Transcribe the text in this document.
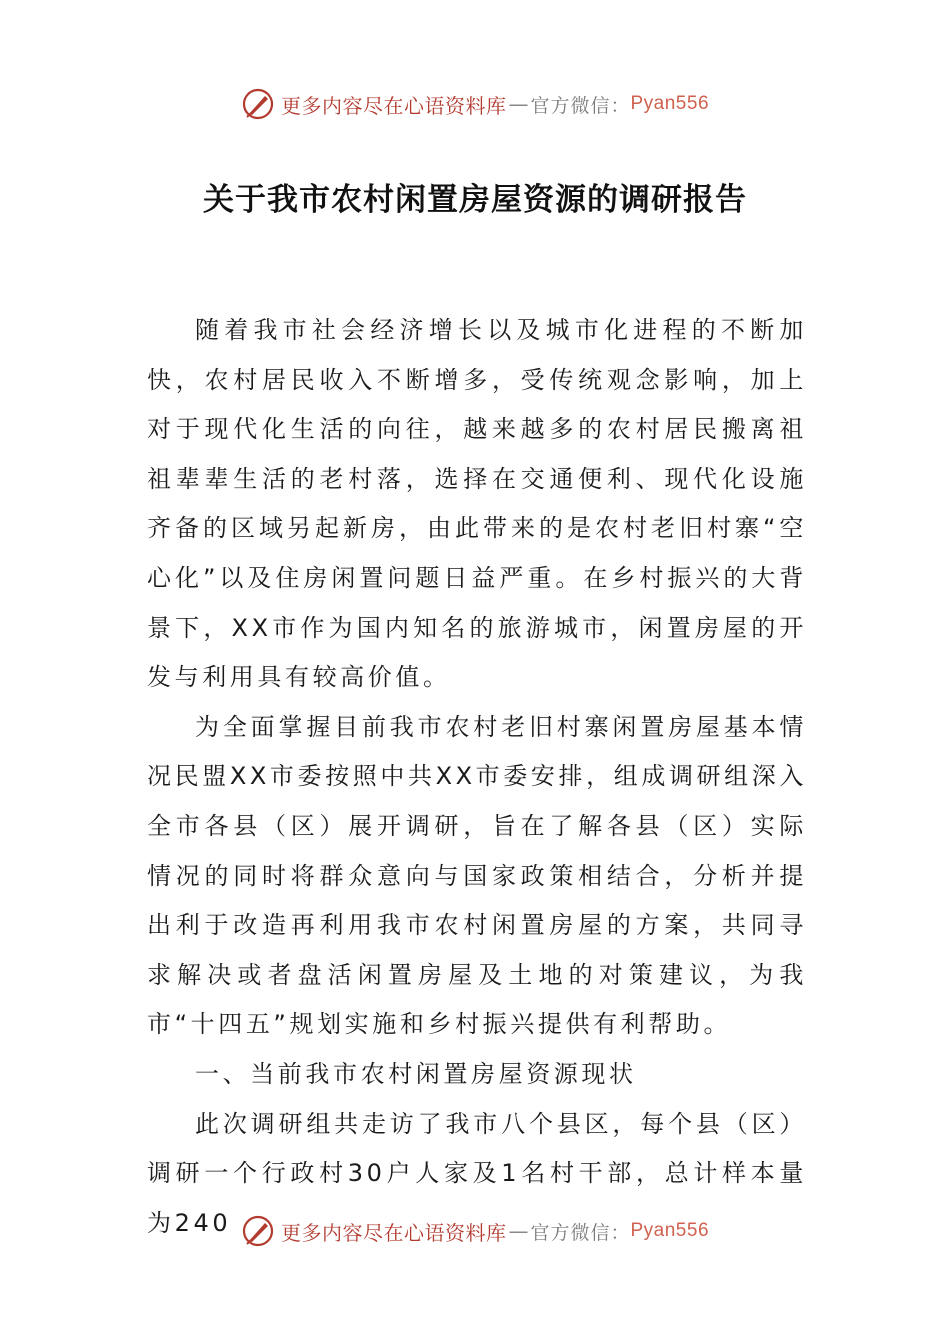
更多内容尽在心语资料库 — 官方微信： Pyan556
关于我市农村闲置房屋资源的调研报告

随着我市社会经济增长以及城市化进程的不断加快，农村居民收入不断增多，受传统观念影响，加上对于现代化生活的向往，越来越多的农村居民搬离祖祖辈辈生活的老村落，选择在交通便利、现代化设施齐备的区域另起新房，由此带来的是农村老旧村寨“空心化”以及住房闲置问题日益严重。在乡村振兴的大背景下，XX市作为国内知名的旅游城市，闲置房屋的开发与利用具有较高价值。

为全面掌握目前我市农村老旧村寨闲置房屋基本情况民盟XX市委按照中共XX市委安排，组成调研组深入全市各县（区）展开调研，旨在了解各县（区）实际情况的同时将群众意向与国家政策相结合，分析并提出利于改造再利用我市农村闲置房屋的方案，共同寻求解决或者盘活闲置房屋及土地的对策建议，为我市“十四五”规划实施和乡村振兴提供有利帮助。

一、当前我市农村闲置房屋资源现状

此次调研组共走访了我市八个县区，每个县（区）调研一个行政村30户人家及1名村干部，总计样本量为240	更多内容尽在心语资料库 — 官方微信： Pyan556
